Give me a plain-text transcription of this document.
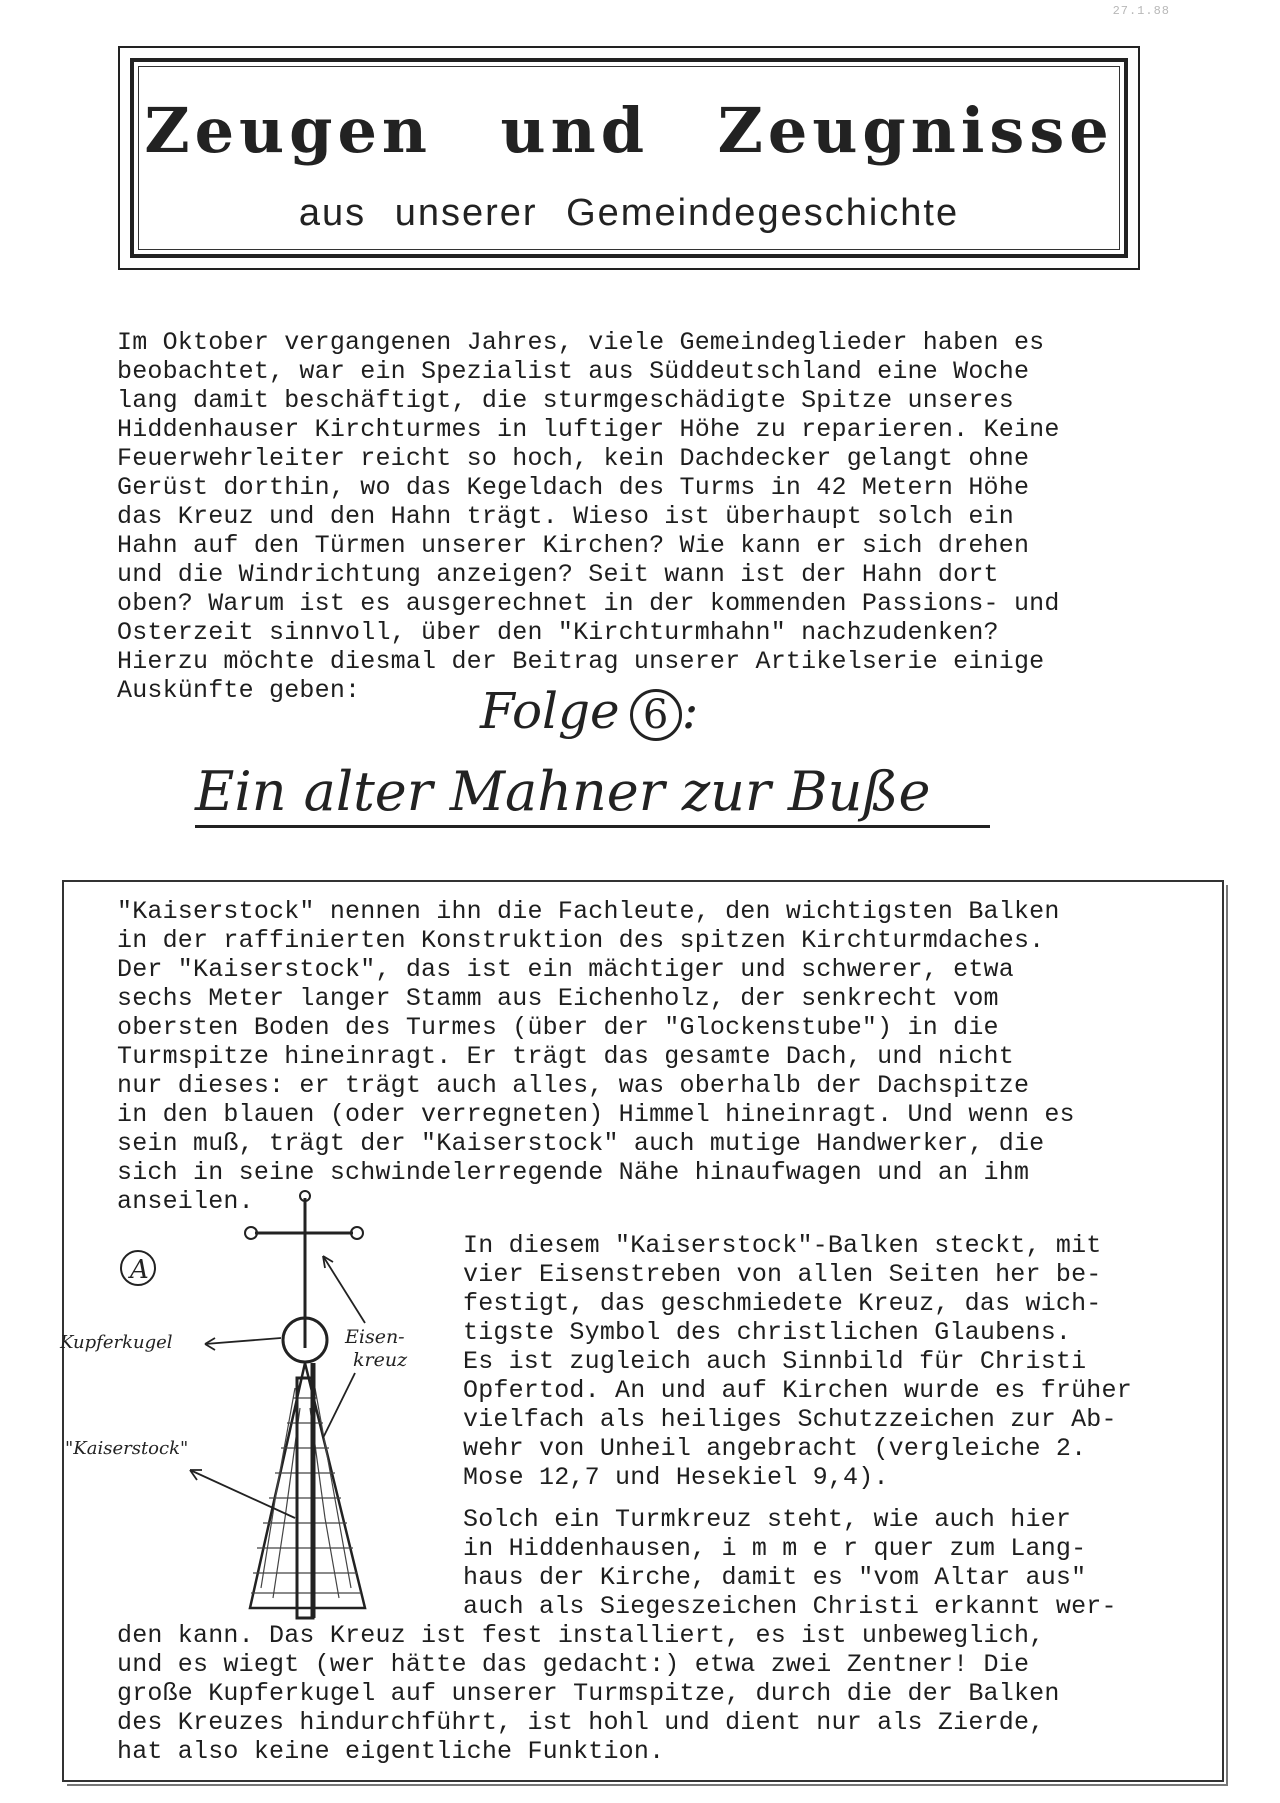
27.1.88
Zeugen und Zeugnisse
aus unserer Gemeindegeschichte
Im Oktober vergangenen Jahres, viele Gemeindeglieder haben es
beobachtet, war ein Spezialist aus Süddeutschland eine Woche
lang damit beschäftigt, die sturmgeschädigte Spitze unseres
Hiddenhauser Kirchturmes in luftiger Höhe zu reparieren. Keine
Feuerwehrleiter reicht so hoch, kein Dachdecker gelangt ohne
Gerüst dorthin, wo das Kegeldach des Turms in 42 Metern Höhe
das Kreuz und den Hahn trägt. Wieso ist überhaupt solch ein
Hahn auf den Türmen unserer Kirchen? Wie kann er sich drehen
und die Windrichtung anzeigen? Seit wann ist der Hahn dort
oben? Warum ist es ausgerechnet in der kommenden Passions- und
Osterzeit sinnvoll, über den "Kirchturmhahn" nachzudenken?
Hierzu möchte diesmal der Beitrag unserer Artikelserie einige
Auskünfte geben:	Folge 6 :
Ein alter Mahner zur Buße
"Kaiserstock" nennen ihn die Fachleute, den wichtigsten Balken
in der raffinierten Konstruktion des spitzen Kirchturmdaches.
Der "Kaiserstock", das ist ein mächtiger und schwerer, etwa
sechs Meter langer Stamm aus Eichenholz, der senkrecht vom
obersten Boden des Turmes (über der "Glockenstube") in die
Turmspitze hineinragt. Er trägt das gesamte Dach, und nicht
nur dieses: er trägt auch alles, was oberhalb der Dachspitze
in den blauen (oder verregneten) Himmel hineinragt. Und wenn es
sein muß, trägt der "Kaiserstock" auch mutige Handwerker, die
sich in seine schwindelerregende Nähe hinaufwagen und an ihm
anseilen.
In diesem "Kaiserstock"-Balken steckt, mit
vier Eisenstreben von allen Seiten her be-
festigt, das geschmiedete Kreuz, das wich-
tigste Symbol des christlichen Glaubens.
Es ist zugleich auch Sinnbild für Christi
Opfertod. An und auf Kirchen wurde es früher
vielfach als heiliges Schutzzeichen zur Ab-
wehr von Unheil angebracht (vergleiche 2.
Mose 12,7 und Hesekiel 9,4).
Solch ein Turmkreuz steht, wie auch hier
in Hiddenhausen, i m m e r quer zum Lang-
haus der Kirche, damit es "vom Altar aus"
auch als Siegeszeichen Christi erkannt wer-
den kann. Das Kreuz ist fest installiert, es ist unbeweglich,
und es wiegt (wer hätte das gedacht:) etwa zwei Zentner! Die
große Kupferkugel auf unserer Turmspitze, durch die der Balken
des Kreuzes hindurchführt, ist hohl und dient nur als Zierde,
hat also keine eigentliche Funktion.
A
Kupferkugel	Eisen-
kreuz
"Kaiserstock"
